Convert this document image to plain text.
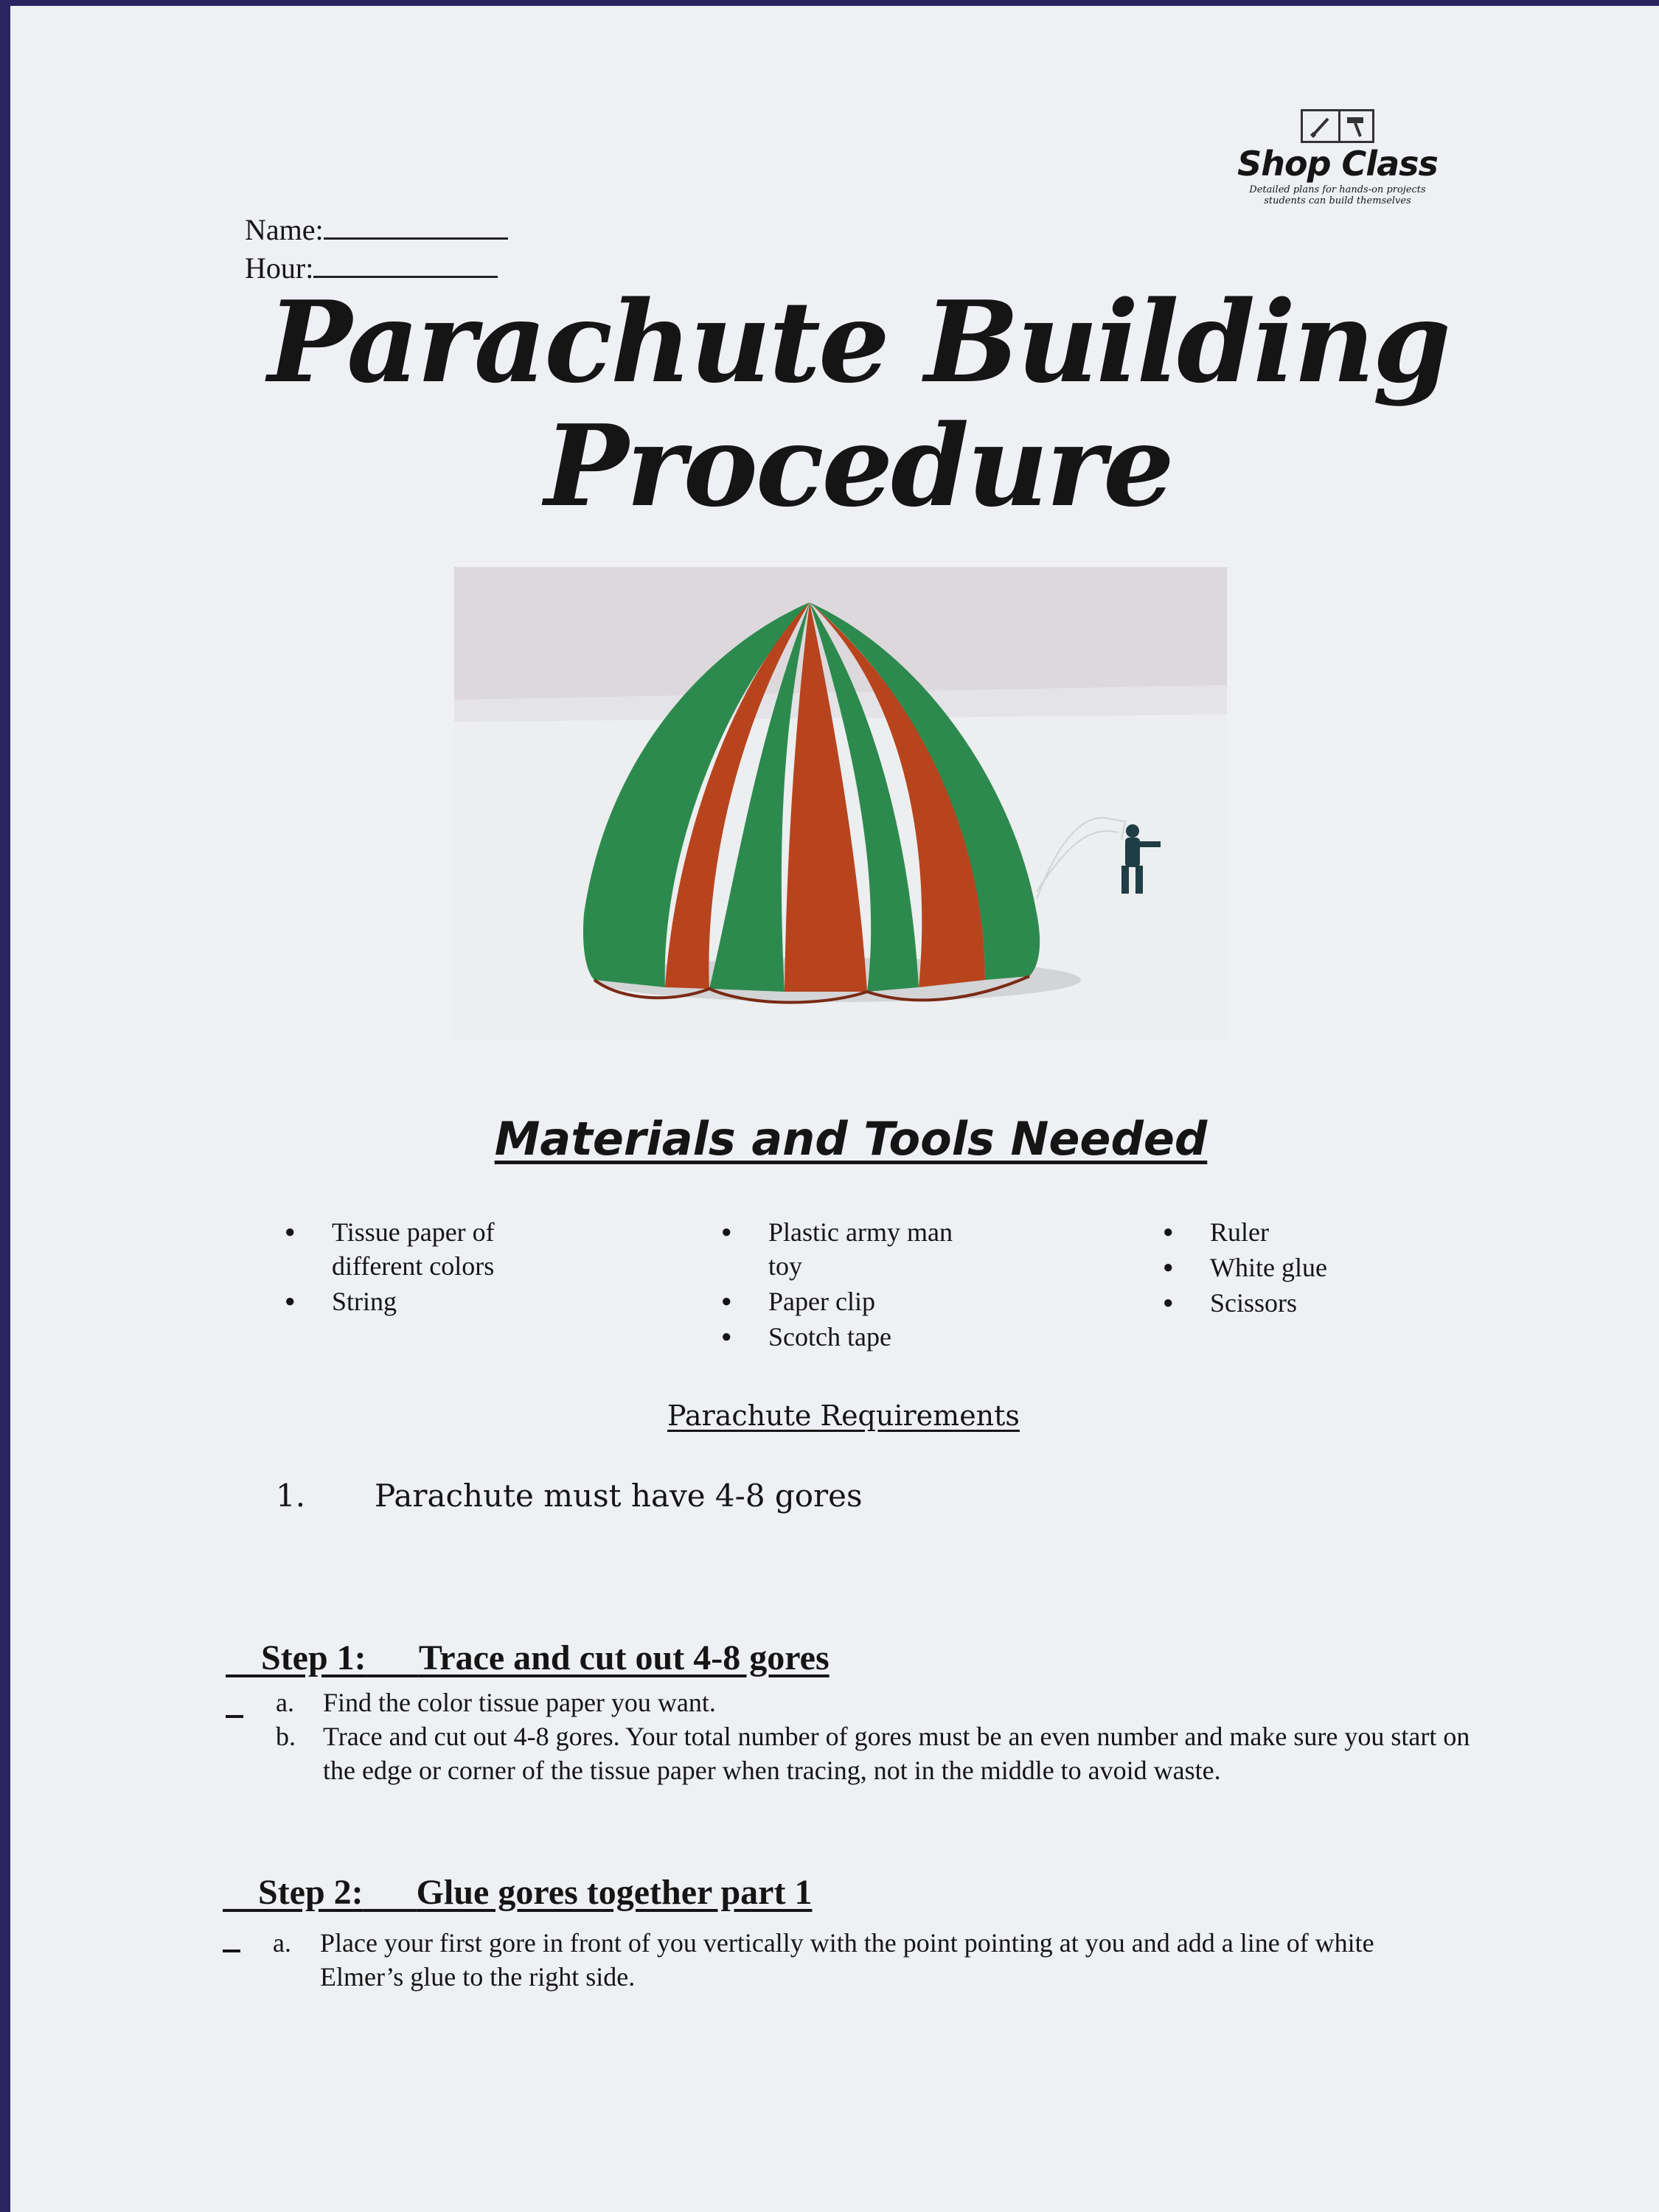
Shop Class
Detailed plans for hands-on projects students can build themselves
Name:
Hour:
Parachute Building
Procedure
Materials and Tools Needed
● Tissue paper of different colors
● String
● Plastic army man toy
● Paper clip
● Scotch tape
● Ruler
● White glue
● Scissors
Parachute Requirements
1. Parachute must have 4-8 gores

Step 1: Trace and cut out 4-8 gores

a. Find the color tissue paper you want.
b. Trace and cut out 4-8 gores. Your total number of gores must be an even number and make sure you start on the edge or corner of the tissue paper when tracing, not in the middle to avoid waste.

Step 2: Glue gores together part 1

a. Place your first gore in front of you vertically with the point pointing at you and add a line of white Elmer’s glue to the right side.
